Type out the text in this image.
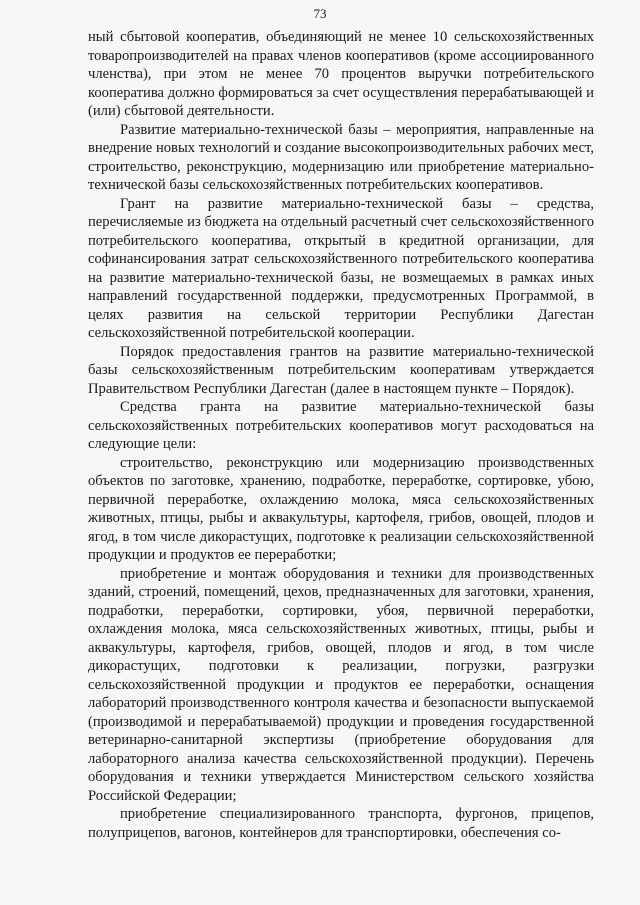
73

ный сбытовой кооператив, объединяющий не менее 10 сельскохозяйственных товаропроизводителей на правах членов кооперативов (кроме ассоциированного членства), при этом не менее 70 процентов выручки потребительского кооператива должно формироваться за счет осуществления перерабатывающей и (или) сбытовой деятельности.

Развитие материально-технической базы – мероприятия, направленные на внедрение новых технологий и создание высокопроизводительных рабочих мест, строительство, реконструкцию, модернизацию или приобретение материально-технической базы сельскохозяйственных потребительских кооперативов.

Грант на развитие материально-технической базы – средства, перечисляемые из бюджета на отдельный расчетный счет сельскохозяйственного потребительского кооператива, открытый в кредитной организации, для софинансирования затрат сельскохозяйственного потребительского кооператива на развитие материально-технической базы, не возмещаемых в рамках иных направлений государственной поддержки, предусмотренных Программой, в целях развития на сельской территории Республики Дагестан сельскохозяйственной потребительской кооперации.

Порядок предоставления грантов на развитие материально-технической базы сельскохозяйственным потребительским кооперативам утверждается Правительством Республики Дагестан (далее в настоящем пункте – Порядок).

Средства гранта на развитие материально-технической базы сельскохозяйственных потребительских кооперативов могут расходоваться на следующие цели:

строительство, реконструкцию или модернизацию производственных объектов по заготовке, хранению, подработке, переработке, сортировке, убою, первичной переработке, охлаждению молока, мяса сельскохозяйственных животных, птицы, рыбы и аквакультуры, картофеля, грибов, овощей, плодов и ягод, в том числе дикорастущих, подготовке к реализации сельскохозяйственной продукции и продуктов ее переработки;

приобретение и монтаж оборудования и техники для производственных зданий, строений, помещений, цехов, предназначенных для заготовки, хранения, подработки, переработки, сортировки, убоя, первичной переработки, охлаждения молока, мяса сельскохозяйственных животных, птицы, рыбы и аквакультуры, картофеля, грибов, овощей, плодов и ягод, в том числе дикорастущих, подготовки к реализации, погрузки, разгрузки сельскохозяйственной продукции и продуктов ее переработки, оснащения лабораторий производственного контроля качества и безопасности выпускаемой (производимой и перерабатываемой) продукции и проведения государственной ветеринарно-санитарной экспертизы (приобретение оборудования для лабораторного анализа качества сельскохозяйственной продукции). Перечень оборудования и техники утверждается Министерством сельского хозяйства Российской Федерации;

приобретение специализированного транспорта, фургонов, прицепов, полуприцепов, вагонов, контейнеров для транспортировки, обеспечения со-
